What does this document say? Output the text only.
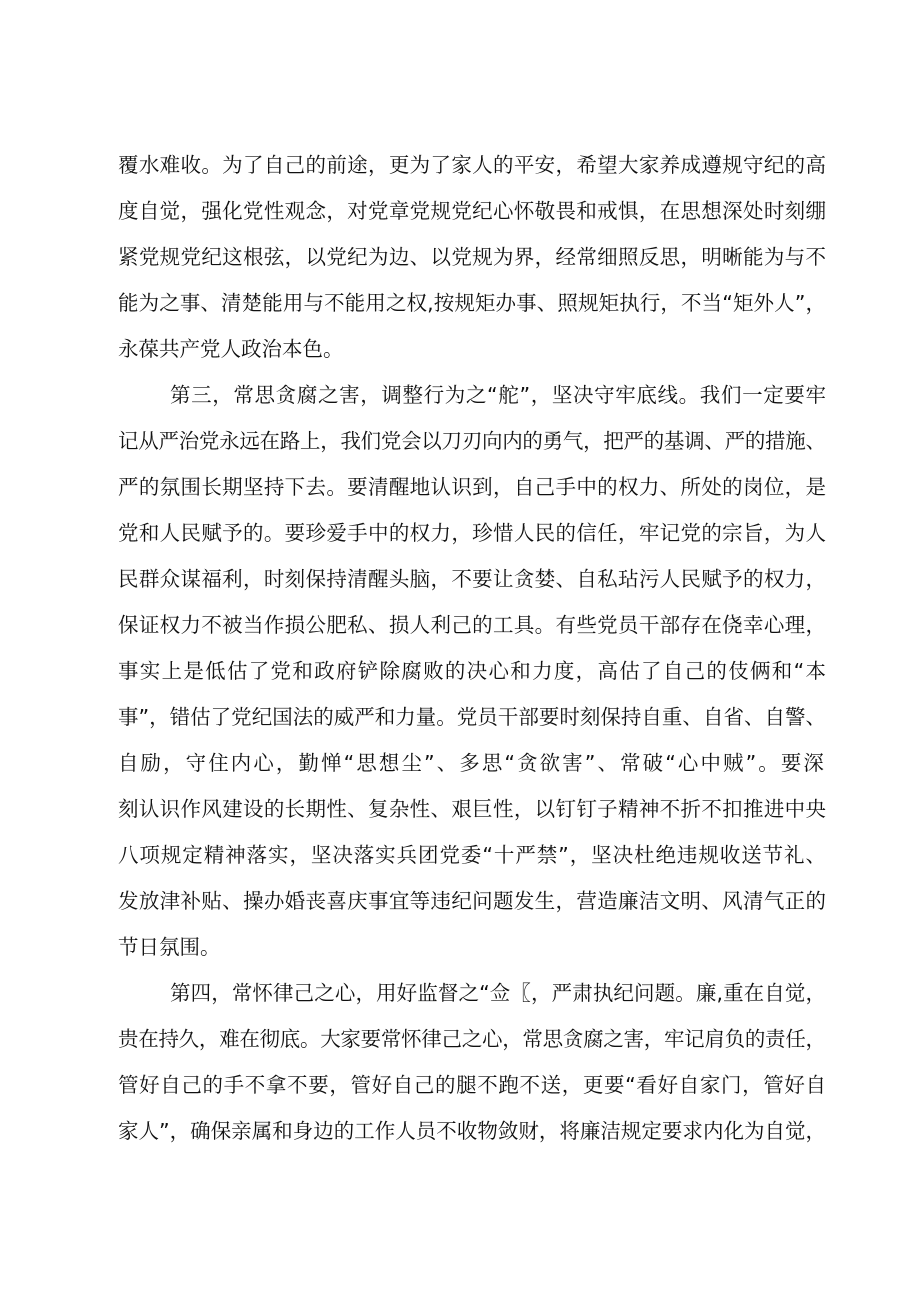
覆水难收。为了自己的前途，更为了家人的平安，希望大家养成遵规守纪的高
度自觉，强化党性观念，对党章党规党纪心怀敬畏和戒惧，在思想深处时刻绷
紧党规党纪这根弦，以党纪为边、以党规为界，经常细照反思，明晰能为与不
能为之事、清楚能用与不能用之权,按规矩办事、照规矩执行，不当“矩外人”，
永葆共产党人政治本色。
第三，常思贪腐之害，调整行为之“舵”，坚决守牢底线。我们一定要牢
记从严治党永远在路上，我们党会以刀刃向内的勇气，把严的基调、严的措施、
严的氛围长期坚持下去。要清醒地认识到，自己手中的权力、所处的岗位，是
党和人民赋予的。要珍爱手中的权力，珍惜人民的信任，牢记党的宗旨，为人
民群众谋福利，时刻保持清醒头脑，不要让贪婪、自私玷污人民赋予的权力，
保证权力不被当作损公肥私、损人利己的工具。有些党员干部存在侥幸心理，
事实上是低估了党和政府铲除腐败的决心和力度，高估了自己的伎俩和“本
事”，错估了党纪国法的威严和力量。党员干部要时刻保持自重、自省、自警、
自励，守住内心，勤惮“思想尘”、多思“贪欲害”、常破“心中贼”。要深
刻认识作风建设的长期性、复杂性、艰巨性，以钉钉子精神不折不扣推进中央
八项规定精神落实，坚决落实兵团党委“十严禁”，坚决杜绝违规收送节礼、
发放津补贴、操办婚丧喜庆事宜等违纪问题发生，营造廉洁文明、风清气正的
节日氛围。
第四，常怀律己之心，用好监督之“佥〖，严肃执纪问题。廉,重在自觉，
贵在持久，难在彻底。大家要常怀律己之心，常思贪腐之害，牢记肩负的责任，
管好自己的手不拿不要，管好自己的腿不跑不送，更要“看好自家门，管好自
家人”，确保亲属和身边的工作人员不收物敛财，将廉洁规定要求内化为自觉，
